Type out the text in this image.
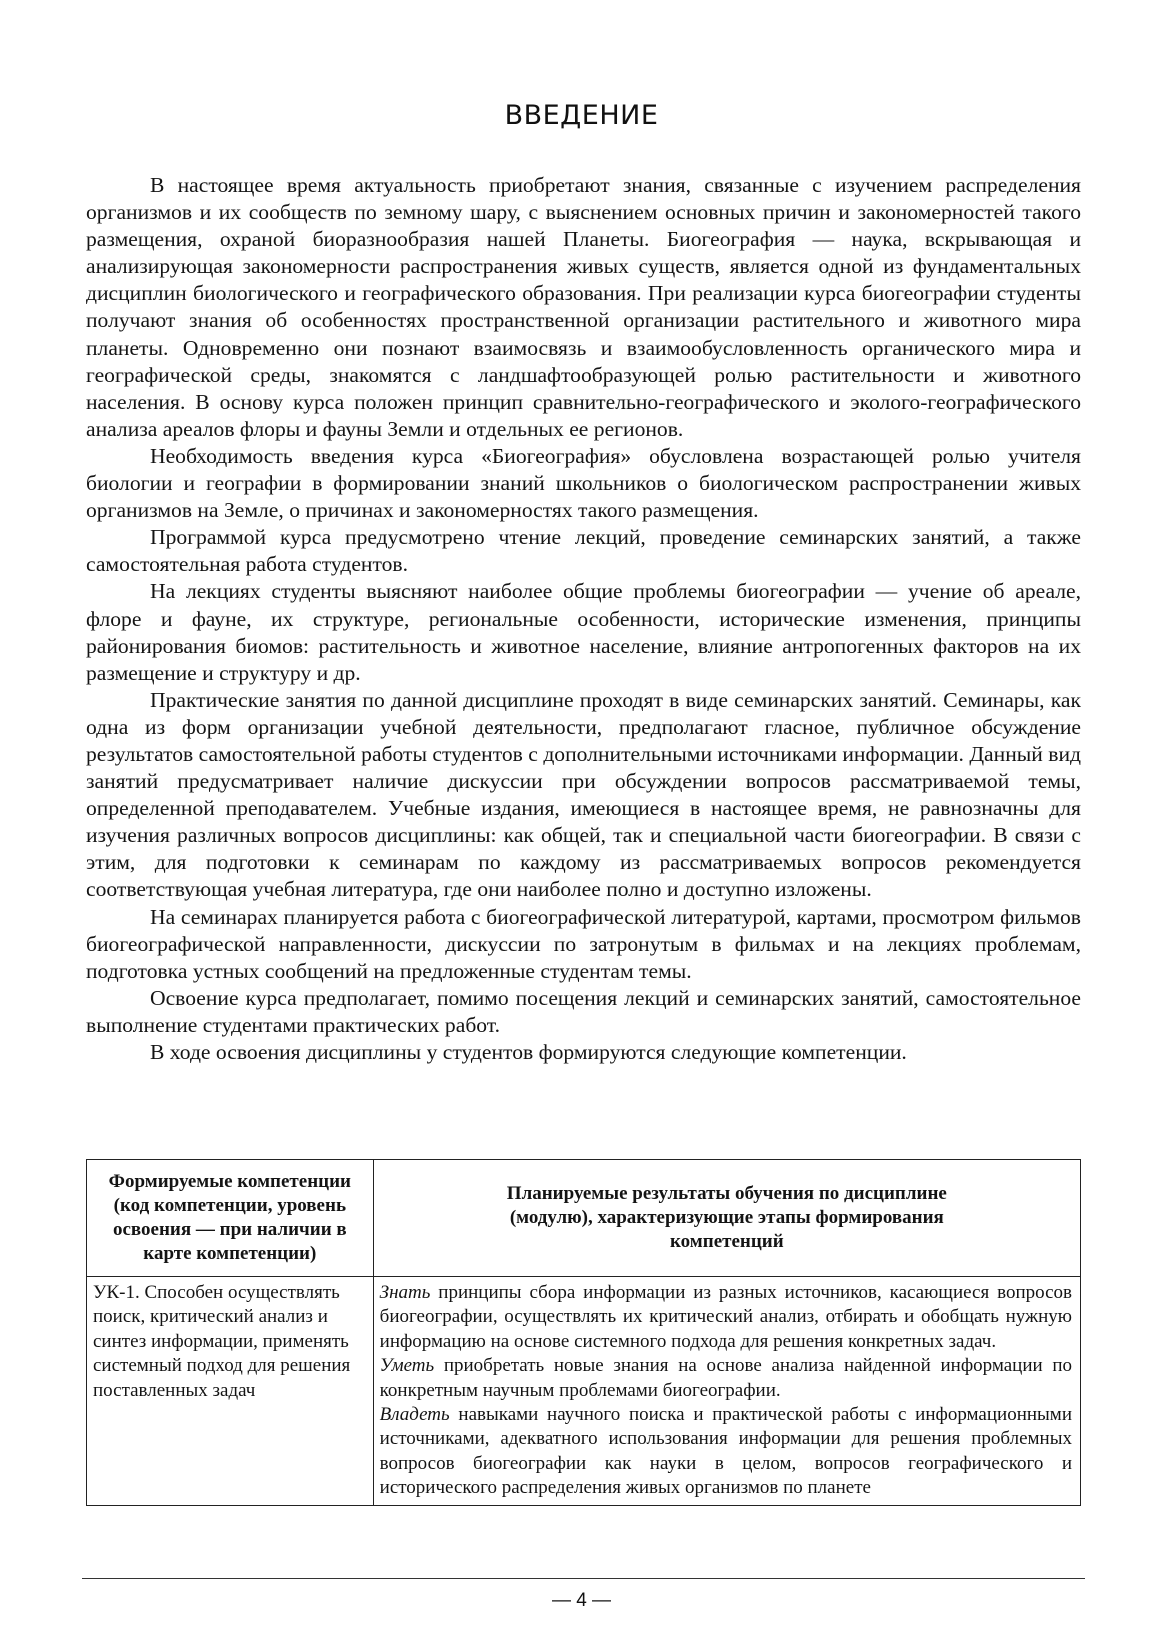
ВВЕДЕНИЕ

В настоящее время актуальность приобретают знания, связанные с изучением распределения организмов и их сообществ по земному шару, с выяснением основных причин и закономерностей такого размещения, охраной биоразнообразия нашей Планеты. Биогеография — наука, вскрывающая и анализирующая закономерности распространения живых существ, является одной из фундаментальных дисциплин биологического и географического образования. При реализации курса биогеографии студенты получают знания об особенностях пространственной организации растительного и животного мира планеты. Одновременно они познают взаимосвязь и взаимообусловленность органического мира и географической среды, знакомятся с ландшафтообразующей ролью растительности и животного населения. В основу курса положен принцип сравнительно-географического и эколого-географического анализа ареалов флоры и фауны Земли и отдельных ее регионов.

Необходимость введения курса «Биогеография» обусловлена возрастающей ролью учителя биологии и географии в формировании знаний школьников о биологическом распространении живых организмов на Земле, о причинах и закономерностях такого размещения.

Программой курса предусмотрено чтение лекций, проведение семинарских занятий, а также самостоятельная работа студентов.

На лекциях студенты выясняют наиболее общие проблемы биогеографии — учение об ареале, флоре и фауне, их структуре, региональные особенности, исторические изменения, принципы районирования биомов: растительность и животное население, влияние антропогенных факторов на их размещение и структуру и др.

Практические занятия по данной дисциплине проходят в виде семинарских занятий. Семинары, как одна из форм организации учебной деятельности, предполагают гласное, публичное обсуждение результатов самостоятельной работы студентов с дополнительными источниками информации. Данный вид занятий предусматривает наличие дискуссии при обсуждении вопросов рассматриваемой темы, определенной преподавателем. Учебные издания, имеющиеся в настоящее время, не равнозначны для изучения различных вопросов дисциплины: как общей, так и специальной части биогеографии. В связи с этим, для подготовки к семинарам по каждому из рассматриваемых вопросов рекомендуется соответствующая учебная литература, где они наиболее полно и доступно изложены.

На семинарах планируется работа с биогеографической литературой, картами, просмотром фильмов биогеографической направленности, дискуссии по затронутым в фильмах и на лекциях проблемам, подготовка устных сообщений на предложенные студентам темы.

Освоение курса предполагает, помимо посещения лекций и семинарских занятий, самостоятельное выполнение студентами практических работ.

В ходе освоения дисциплины у студентов формируются следующие компетенции.

Формируемые компетенции (код компетенции, уровень освоения — при наличии в карте компетенции)	Планируемые результаты обучения по дисциплине (модулю), характеризующие этапы формирования компетенций
УК-1. Способен осуществлять поиск, критический анализ и синтез информации, применять системный подход для решения поставленных задач	Знать принципы сбора информации из разных источников, касающиеся вопросов биогеографии, осуществлять их критический анализ, отбирать и обобщать нужную информацию на основе системного подхода для решения конкретных задач.
Уметь приобретать новые знания на основе анализа найденной информации по конкретным научным проблемами биогеографии.
Владеть навыками научного поиска и практической работы с информационными источниками, адекватного использования информации для решения проблемных вопросов биогеографии как науки в целом, вопросов географического и исторического распределения живых организмов по планете
— 4 —
